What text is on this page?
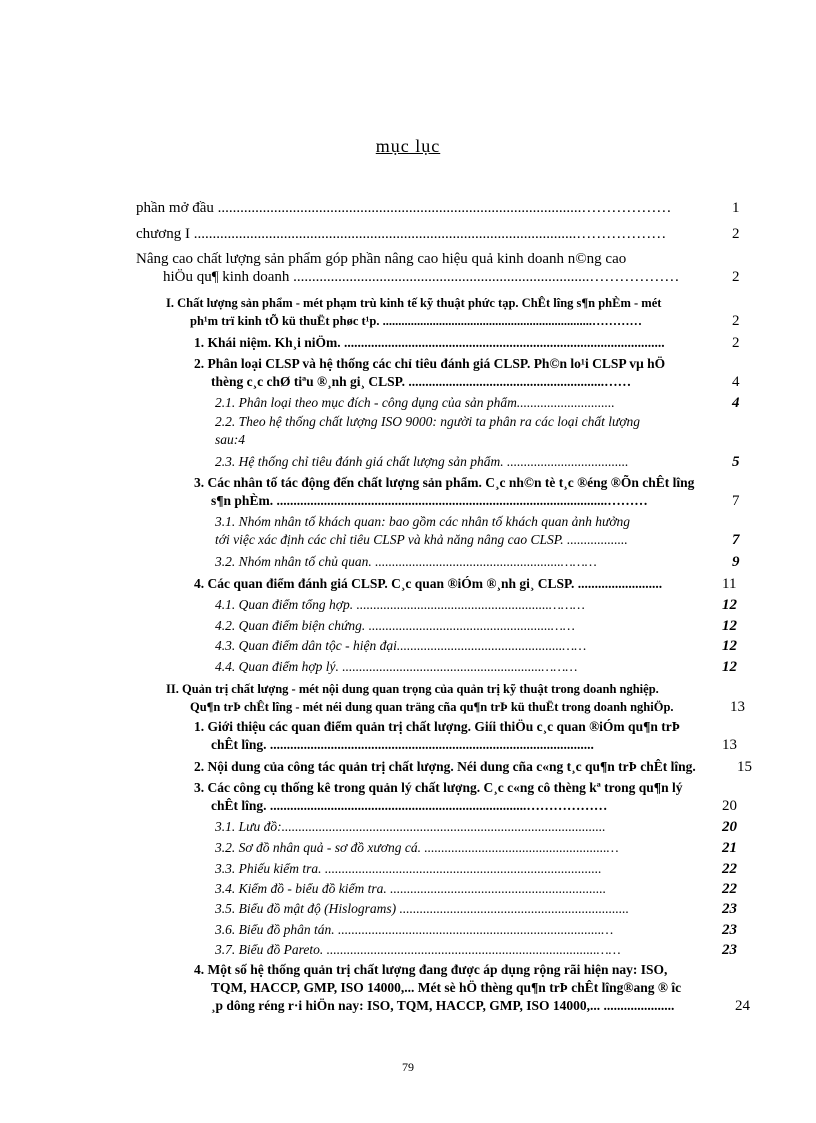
mục lục
phần mở đầu .................................................................................................………………	1
chương I ......................................................................................................………………	2
Nâng cao chất lượng sản phẩm góp phần nâng cao hiệu quả kinh doanh n©ng cao
hiÖu qu¶ kinh doanh ...............................................................................………………	2
I. Chất lượng sản phẩm - mét phạm trù kinh tế kỹ thuật phức tạp. ChÊt lîng s¶n phÈm - mét
ph¹m trï kinh tÕ kü thuËt phøc t¹p. ...................................................................…………	2
1. Khái niệm. Kh¸i niÖm. ...............................................................................................	2
2. Phân loại CLSP và hệ thống các chỉ tiêu đánh giá CLSP. Ph©n lo¹i CLSP vµ hÖ
thèng c¸c chØ tiªu ®¸nh gi¸ CLSP. ..........................................................……	4
2.1. Phân loại theo mục đích - công dụng của sản phẩm.............................	4
2.2. Theo hệ thống chất lượng ISO 9000: người ta phân ra các loại chất lượng
sau:4
2.3. Hệ thống chỉ tiêu đánh giá chất lượng sản phẩm. ....................................	5
3. Các nhân tố tác động đến chất lượng sản phẩm. C¸c nh©n tè t¸c ®éng ®Õn chÊt lîng
s¶n phÈm. ..................................................................................................………	7
3.1. Nhóm nhân tố khách quan: bao gồm các nhân tố khách quan ảnh hưởng
tới việc xác định các chỉ tiêu CLSP và khả năng nâng cao CLSP. ..................	7
3.2. Nhóm nhân tố chủ quan. .......................................................………	9
4. Các quan điểm đánh giá CLSP. C¸c quan ®iÓm ®¸nh gi¸ CLSP. .........................	11
4.1. Quan điểm tổng hợp. .........................................................………	12
4.2. Quan điểm biện chứng. ......................................................……	12
4.3. Quan điểm dân tộc - hiện đại.................................................……	12
4.4. Quan điểm hợp lý. ...........................................................………	12
II. Quản trị chất lượng - mét nội dung quan trọng của quản trị kỹ thuật trong doanh nghiệp.
Qu¶n trÞ chÊt lîng - mét néi dung quan träng cña qu¶n trÞ kü thuËt trong doanh nghiÖp.	13
1. Giới thiệu các quan điểm quản trị chất lượng. Giíi thiÖu c¸c quan ®iÓm qu¶n trÞ
chÊt lîng. ................................................................................................	13
2. Nội dung của công tác quản trị chất lượng. Néi dung cña c«ng t¸c qu¶n trÞ chÊt lîng.	15
3. Các công cụ thống kê trong quản lý chất lượng. C¸c c«ng cô thèng kª trong qu¶n lý
chÊt lîng. ............................................................................………………	20
3.1. Lưu đồ:................................................................................................	20
3.2. Sơ đồ nhân quả - sơ đồ xương cá. ......................................................…	21
3.3. Phiếu kiểm tra. ..................................................................................	22
3.4. Kiểm đồ - biểu đồ kiểm tra. ................................................................	22
3.5. Biểu đồ mật độ (Hislograms) ....................................................................	23
3.6. Biểu đồ phân tán. ..............................................................................…	23
3.7. Biểu đồ Pareto. ................................................................................……	23
4. Một số hệ thống quản trị chất lượng đang được áp dụng rộng rãi hiện nay: ISO,
TQM, HACCP, GMP, ISO 14000,... Mét sè hÖ thèng qu¶n trÞ chÊt lîng®ang ® îc
¸p dông réng r·i hiÖn nay: ISO, TQM, HACCP, GMP, ISO 14000,... .....................	24
79
